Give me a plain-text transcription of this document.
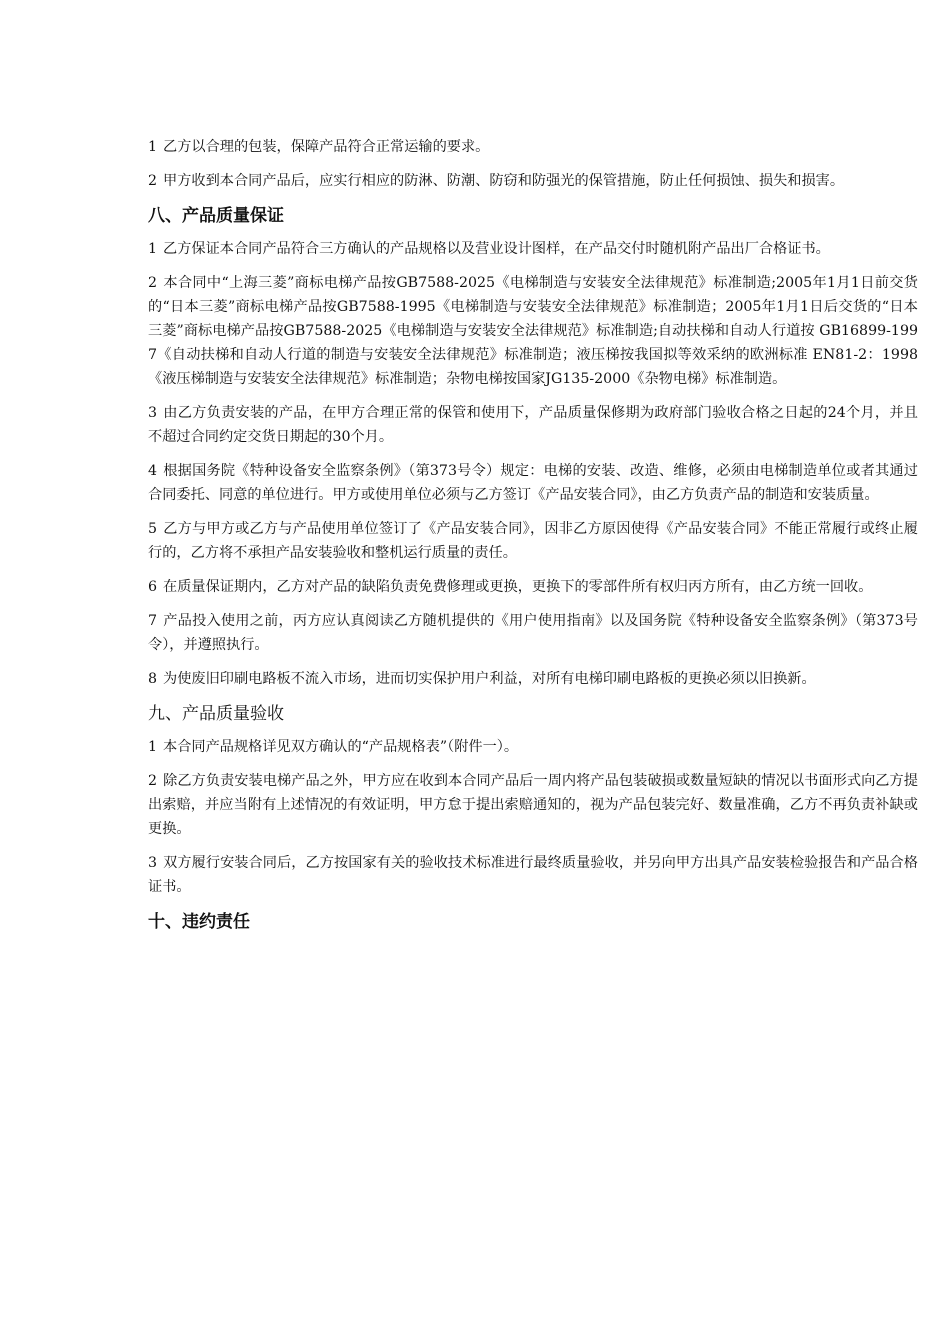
1 乙方以合理的包装，保障产品符合正常运输的要求。

2 甲方收到本合同产品后，应实行相应的防淋、防潮、防窃和防强光的保管措施，防止任何损蚀、损失和损害。

八、产品质量保证

1 乙方保证本合同产品符合三方确认的产品规格以及营业设计图样，在产品交付时随机附产品出厂合格证书。

2 本合同中“上海三菱”商标电梯产品按GB7588-2025《电梯制造与安装安全法律规范》标准制造;2005年1月1日前交货的“日本三菱”商标电梯产品按GB7588-1995《电梯制造与安装安全法律规范》标准制造；2005年1月1日后交货的“日本三菱”商标电梯产品按GB7588-2025《电梯制造与安装安全法律规范》标准制造;自动扶梯和自动人行道按 GB16899-1997《自动扶梯和自动人行道的制造与安装安全法律规范》标准制造；液压梯按我国拟等效采纳的欧洲标准 EN81-2：1998《液压梯制造与安装安全法律规范》标准制造；杂物电梯按国家JG135-2000《杂物电梯》标准制造。

3 由乙方负责安装的产品，在甲方合理正常的保管和使用下，产品质量保修期为政府部门验收合格之日起的24个月，并且不超过合同约定交货日期起的30个月。

4 根据国务院《特种设备安全监察条例》（第373号令）规定：电梯的安装、改造、维修，必须由电梯制造单位或者其通过合同委托、同意的单位进行。甲方或使用单位必须与乙方签订《产品安装合同》，由乙方负责产品的制造和安装质量。

5 乙方与甲方或乙方与产品使用单位签订了《产品安装合同》，因非乙方原因使得《产品安装合同》不能正常履行或终止履行的，乙方将不承担产品安装验收和整机运行质量的责任。

6 在质量保证期内，乙方对产品的缺陷负责免费修理或更换，更换下的零部件所有权归丙方所有，由乙方统一回收。

7 产品投入使用之前，丙方应认真阅读乙方随机提供的《用户使用指南》以及国务院《特种设备安全监察条例》（第373号令），并遵照执行。

8 为使废旧印刷电路板不流入市场，进而切实保护用户利益，对所有电梯印刷电路板的更换必须以旧换新。

九、产品质量验收

1 本合同产品规格详见双方确认的“产品规格表”（附件一）。

2 除乙方负责安装电梯产品之外，甲方应在收到本合同产品后一周内将产品包装破损或数量短缺的情况以书面形式向乙方提出索赔，并应当附有上述情况的有效证明，甲方怠于提出索赔通知的，视为产品包装完好、数量准确，乙方不再负责补缺或更换。

3 双方履行安装合同后，乙方按国家有关的验收技术标准进行最终质量验收，并另向甲方出具产品安装检验报告和产品合格证书。

十、违约责任
